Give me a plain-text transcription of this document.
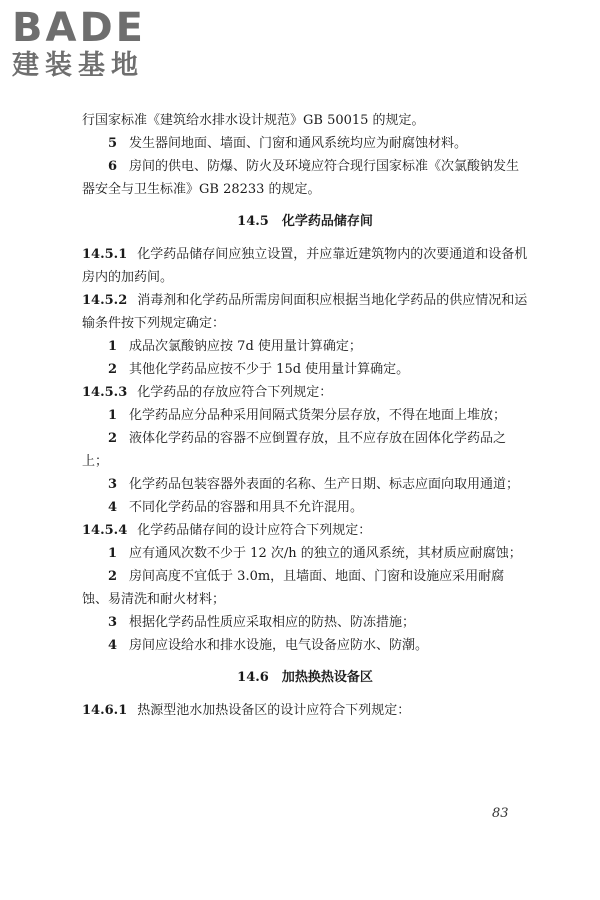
BADE
建装基地

行国家标准《建筑给水排水设计规范》GB 50015 的规定。

5 发生器间地面、墙面、门窗和通风系统均应为耐腐蚀材料。

6 房间的供电、防爆、防火及环境应符合现行国家标准《次氯酸钠发生器安全与卫生标准》GB 28233 的规定。

14.5　化学药品储存间

14.5.1 化学药品储存间应独立设置，并应靠近建筑物内的次要通道和设备机房内的加药间。

14.5.2 消毒剂和化学药品所需房间面积应根据当地化学药品的供应情况和运输条件按下列规定确定：

1 成品次氯酸钠应按 7d 使用量计算确定；

2 其他化学药品应按不少于 15d 使用量计算确定。

14.5.3 化学药品的存放应符合下列规定：

1 化学药品应分品种采用间隔式货架分层存放，不得在地面上堆放；

2 液体化学药品的容器不应倒置存放，且不应存放在固体化学药品之上；

3 化学药品包装容器外表面的名称、生产日期、标志应面向取用通道；

4 不同化学药品的容器和用具不允许混用。

14.5.4 化学药品储存间的设计应符合下列规定：

1 应有通风次数不少于 12 次/h 的独立的通风系统，其材质应耐腐蚀；

2 房间高度不宜低于 3.0m，且墙面、地面、门窗和设施应采用耐腐蚀、易清洗和耐火材料；

3 根据化学药品性质应采取相应的防热、防冻措施；

4 房间应设给水和排水设施，电气设备应防水、防潮。

14.6　加热换热设备区

14.6.1 热源型池水加热设备区的设计应符合下列规定：

83
